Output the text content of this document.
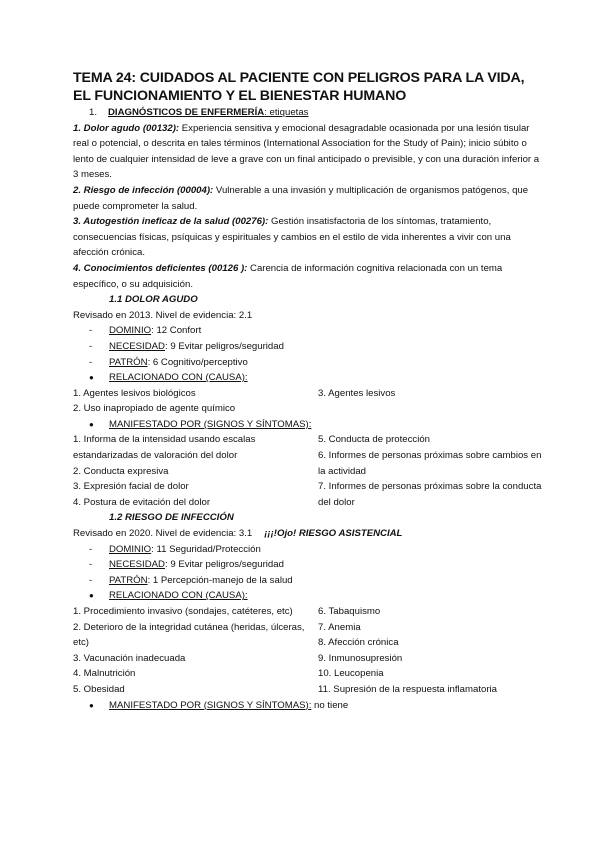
TEMA 24: CUIDADOS AL PACIENTE CON PELIGROS PARA LA VIDA, EL FUNCIONAMIENTO Y EL BIENESTAR HUMANO

1. DIAGNÓSTICOS DE ENFERMERÍA: etiquetas

1. Dolor agudo (00132): Experiencia sensitiva y emocional desagradable ocasionada por una lesión tisular real o potencial, o descrita en tales términos (International Association for the Study of Pain); inicio súbito o lento de cualquier intensidad de leve a grave con un final anticipado o previsible, y con una duración inferior a 3 meses.

2. Riesgo de infección (00004): Vulnerable a una invasión y multiplicación de organismos patógenos, que puede comprometer la salud.

3. Autogestión ineficaz de la salud (00276): Gestión insatisfactoria de los síntomas, tratamiento, consecuencias físicas, psíquicas y espirituales y cambios en el estilo de vida inherentes a vivir con una afección crónica.

4. Conocimientos deficientes (00126 ): Carencia de información cognitiva relacionada con un tema específico, o su adquisición.

1.1 DOLOR AGUDO

Revisado en 2013. Nivel de evidencia: 2.1

- DOMINIO: 12 Confort

- NECESIDAD: 9 Evitar peligros/seguridad

- PATRÓN: 6 Cognitivo/perceptivo

● RELACIONADO CON (CAUSA):

1. Agentes lesivos biológicos

2. Uso inapropiado de agente químico

3. Agentes lesivos

● MANIFESTADO POR (SIGNOS Y SÍNTOMAS):

1. Informa de la intensidad usando escalas estandarizadas de valoración del dolor

2. Conducta expresiva

3. Expresión facial de dolor

4. Postura de evitación del dolor

5. Conducta de protección

6. Informes de personas próximas sobre cambios en la actividad

7. Informes de personas próximas sobre la conducta del dolor

1.2 RIESGO DE INFECCIÓN

Revisado en 2020. Nivel de evidencia: 3.1 ¡¡¡!Ojo! RIESGO ASISTENCIAL

- DOMINIO: 11 Seguridad/Protección

- NECESIDAD: 9 Evitar peligros/seguridad

- PATRÓN: 1 Percepción-manejo de la salud

● RELACIONADO CON (CAUSA):

1. Procedimiento invasivo (sondajes, catéteres, etc)

2. Deterioro de la integridad cutánea (heridas, úlceras, etc)

3. Vacunación inadecuada

4. Malnutrición

5. Obesidad

6. Tabaquismo

7. Anemia

8. Afección crónica

9. Inmunosupresión

10. Leucopenia

11. Supresión de la respuesta inflamatoria

● MANIFESTADO POR (SIGNOS Y SÍNTOMAS): no tiene
